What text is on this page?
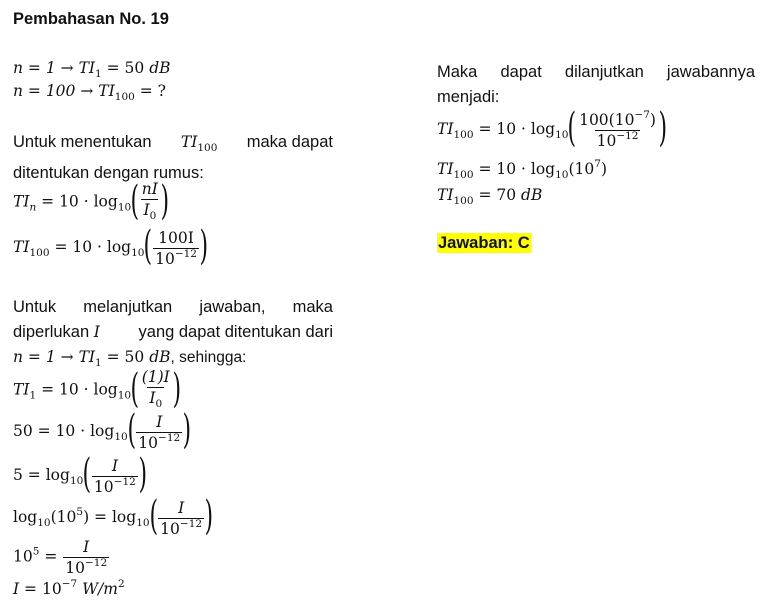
Pembahasan No. 19
$n = 1 \to TI_1 = 50$ dB
$n = 100 \to TI_{100}$ = ?
Untuk menentukan $TI_{100}$ maka dapat
ditentukan dengan rumus:
$TI_n = 10 \cdot \log_{10}$ ( $\frac{nI}{I_0}$ )
$TI_{100} = 10 \cdot \log_{10}$ ( $\frac{100I}{10^{-12}}$ )
Untuk melanjutkan jawaban, maka
diperlukan I yang dapat ditentukan dari
$n = 1 \to TI_1 = 50$ dB, sehingga:
$TI_1 = 10 \cdot \log_{10}$ ( $\frac{(1)I}{I_0}$ )
$50 = 10 \cdot \log_{10}$ ( $\frac{I}{10^{-12}}$ )
$5 = \log_{10}$ ( $\frac{I}{10^{-12}}$ )
$\log_{10}(10^5) = \log_{10}$ ( $\frac{I}{10^{-12}}$ )
$10^5 = \frac{I}{10^{-12}}$
$I = 10^{-7}$ $W/m^2$
Maka dapat dilanjutkan jawabannya
menjadi:
$TI_{100} = 10 \cdot \log_{10}$ ( $\frac{100(10^{-7})}{10^{-12}}$ )
$TI_{100} = 10 \cdot \log_{10}(10^7)$
$TI_{100} = 70$ dB
Jawaban: C
